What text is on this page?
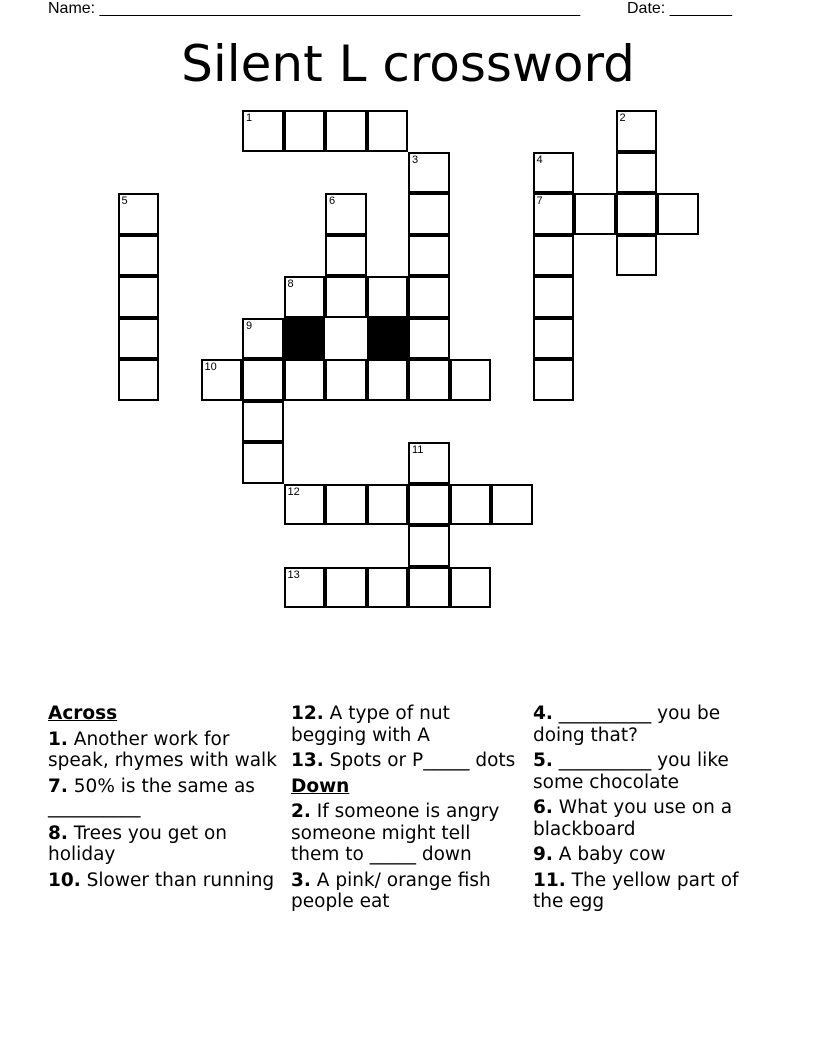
Name: ______________________________________________________	Date: _______
Silent L crossword
1	2
3	4
7
5	6
8
9
10
11
12
13
Across
1. Another work for speak, rhymes with walk
7. 50% is the same as __________
8. Trees you get on holiday
10. Slower than running
12. A type of nut begging with A
13. Spots or P_____ dots
Down
2. If someone is angry someone might tell them to _____ down
3. A pink/ orange fish people eat
4. __________ you be doing that?
5. __________ you like some chocolate
6. What you use on a blackboard
9. A baby cow
11. The yellow part of the egg
